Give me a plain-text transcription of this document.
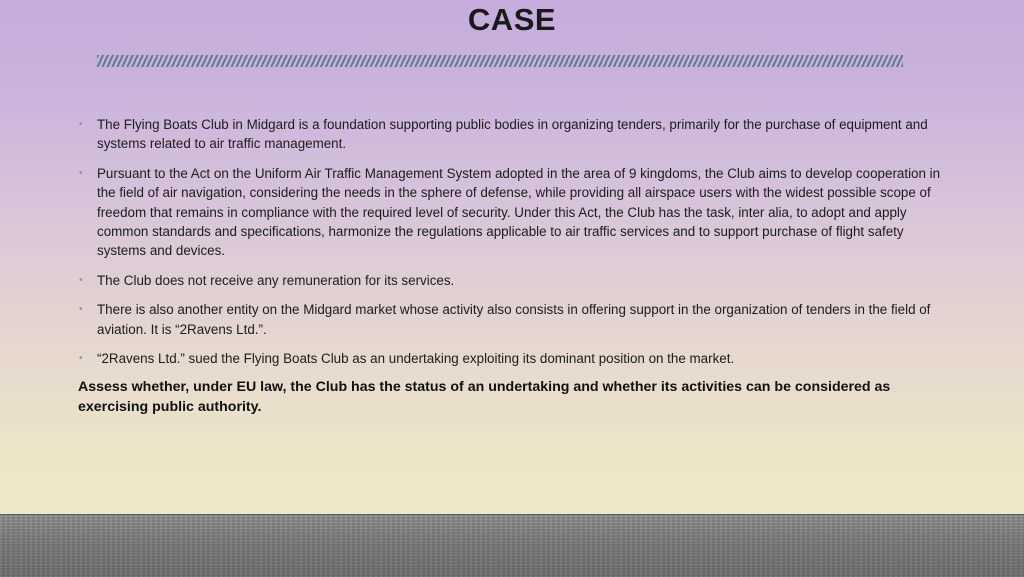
CASE
• The Flying Boats Club in Midgard is a foundation supporting public bodies in organizing tenders, primarily for the purchase of equipment and systems related to air traffic management.
• Pursuant to the Act on the Uniform Air Traffic Management System adopted in the area of 9 kingdoms, the Club aims to develop cooperation in the field of air navigation, considering the needs in the sphere of defense, while providing all airspace users with the widest possible scope of freedom that remains in compliance with the required level of security. Under this Act, the Club has the task, inter alia, to adopt and apply common standards and specifications, harmonize the regulations applicable to air traffic services and to support purchase of flight safety systems and devices.
• The Club does not receive any remuneration for its services.
• There is also another entity on the Midgard market whose activity also consists in offering support in the organization of tenders in the field of aviation. It is “2Ravens Ltd.”.
• “2Ravens Ltd.” sued the Flying Boats Club as an undertaking exploiting its dominant position on the market.

Assess whether, under EU law, the Club has the status of an undertaking and whether its activities can be considered as exercising public authority.
